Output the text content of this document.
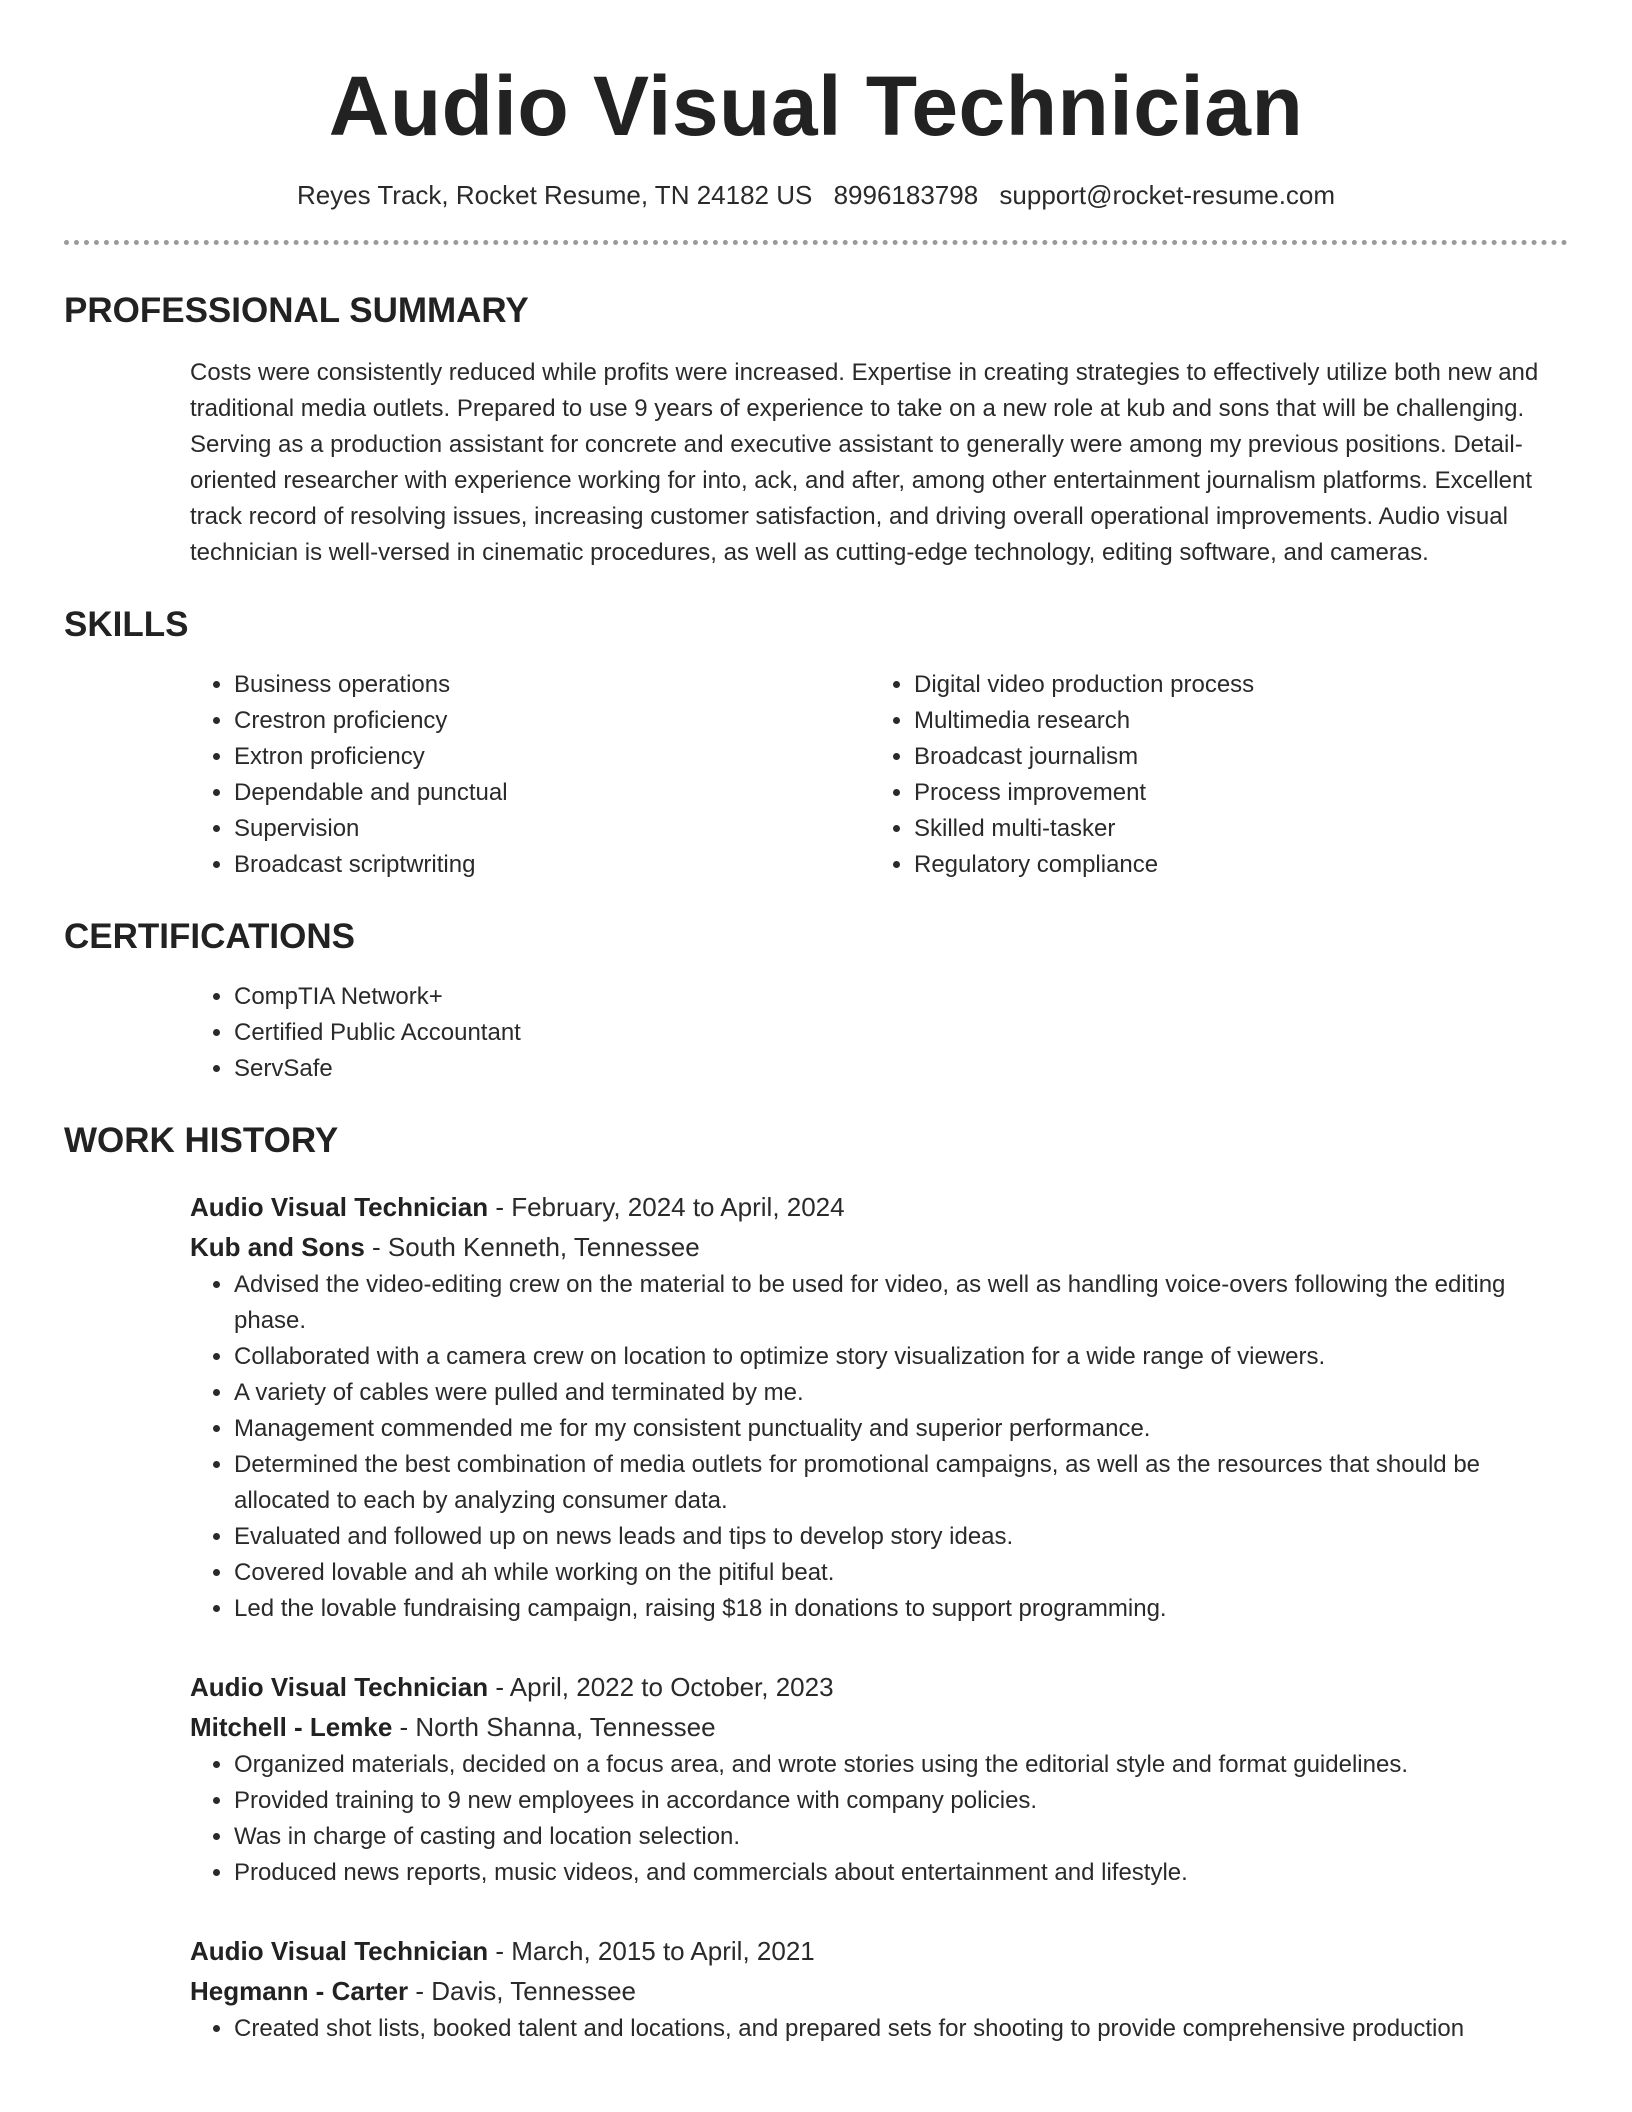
Audio Visual Technician
Reyes Track, Rocket Resume, TN 24182 US 8996183798 support@rocket-resume.com
PROFESSIONAL SUMMARY

Costs were consistently reduced while profits were increased. Expertise in creating strategies to effectively utilize both new and traditional media outlets. Prepared to use 9 years of experience to take on a new role at kub and sons that will be challenging. Serving as a production assistant for concrete and executive assistant to generally were among my previous positions. Detail-oriented researcher with experience working for into, ack, and after, among other entertainment journalism platforms. Excellent track record of resolving issues, increasing customer satisfaction, and driving overall operational improvements. Audio visual technician is well-versed in cinematic procedures, as well as cutting-edge technology, editing software, and cameras.

SKILLS
• Business operations
• Crestron proficiency
• Extron proficiency
• Dependable and punctual
• Supervision
• Broadcast scriptwriting
• Digital video production process
• Multimedia research
• Broadcast journalism
• Process improvement
• Skilled multi-tasker
• Regulatory compliance
CERTIFICATIONS
• CompTIA Network+
• Certified Public Accountant
• ServSafe
WORK HISTORY
Audio Visual Technician - February, 2024 to April, 2024
Kub and Sons - South Kenneth, Tennessee
• Advised the video-editing crew on the material to be used for video, as well as handling voice-overs following the editing phase.
• Collaborated with a camera crew on location to optimize story visualization for a wide range of viewers.
• A variety of cables were pulled and terminated by me.
• Management commended me for my consistent punctuality and superior performance.
• Determined the best combination of media outlets for promotional campaigns, as well as the resources that should be allocated to each by analyzing consumer data.
• Evaluated and followed up on news leads and tips to develop story ideas.
• Covered lovable and ah while working on the pitiful beat.
• Led the lovable fundraising campaign, raising $18 in donations to support programming.
Audio Visual Technician - April, 2022 to October, 2023
Mitchell - Lemke - North Shanna, Tennessee
• Organized materials, decided on a focus area, and wrote stories using the editorial style and format guidelines.
• Provided training to 9 new employees in accordance with company policies.
• Was in charge of casting and location selection.
• Produced news reports, music videos, and commercials about entertainment and lifestyle.
Audio Visual Technician - March, 2015 to April, 2021
Hegmann - Carter - Davis, Tennessee
• Created shot lists, booked talent and locations, and prepared sets for shooting to provide comprehensive production
